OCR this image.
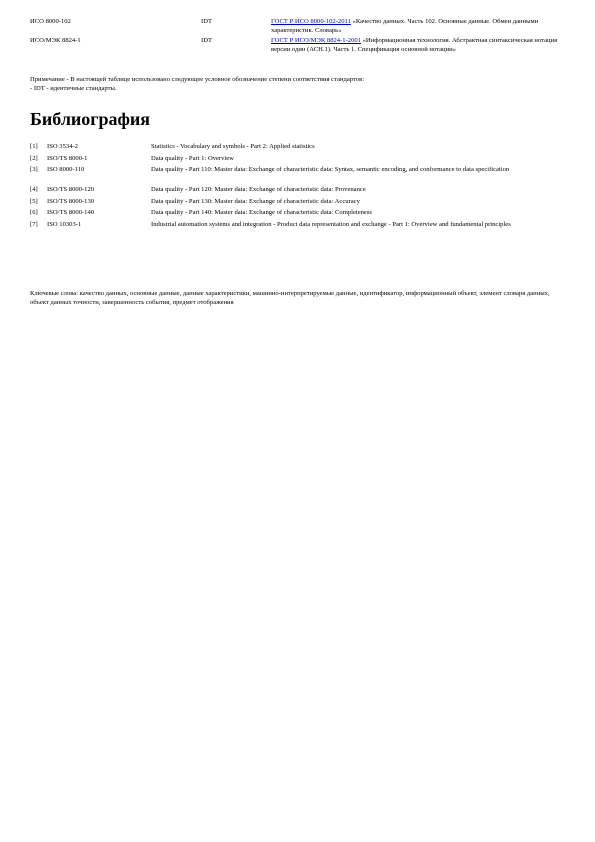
ИСО 8000-102	IDT	ГОСТ Р ИСО 8000-102-2011 «Качество данных. Часть 102. Основные данные. Обмен данными характеристик. Словарь»
ИСО/МЭК 8824-1	IDT	ГОСТ Р ИСО/МЭК 8824-1-2001 «Информационная технология. Абстрактная синтаксическая нотация версии один (АСН.1). Часть 1. Спецификация основной нотации»
Примечание - В настоящей таблице использовано следующее условное обозначение степени соответствия стандартов:
- IDT - идентичные стандарты.
Библиография
[1]	ISO 3534-2	Statistics - Vocabulary and symbols - Part 2: Applied statistics
[2]	ISO/TS 8000-1	Data quality - Part 1: Overview
[3]	ISO 8000-110	Data quality - Part 110: Master data: Exchange of characteristic data: Syntax, semantic encoding, and conformance to data specification
[4]	ISO/TS 8000-120	Data quality - Part 120: Master data: Exchange of characteristic data: Provenance
[5]	ISO/TS 8000-130	Data quality - Part 130: Master data: Exchange of characteristic data: Accuracy
[6]	ISO/TS 8000-140	Data quality - Part 140: Master data: Exchange of characteristic data: Completeness
[7]	ISO 10303-1	Industrial automation systems and integration - Product data representation and exchange - Part 1: Overview and fundamental principles
Ключевые слова: качество данных, основные данные, данные характеристики, машинно-интерпретируемые данные, идентификатор, информационный объект, элемент словаря данных, объект данных точности, завершенность события, предмет отображения
